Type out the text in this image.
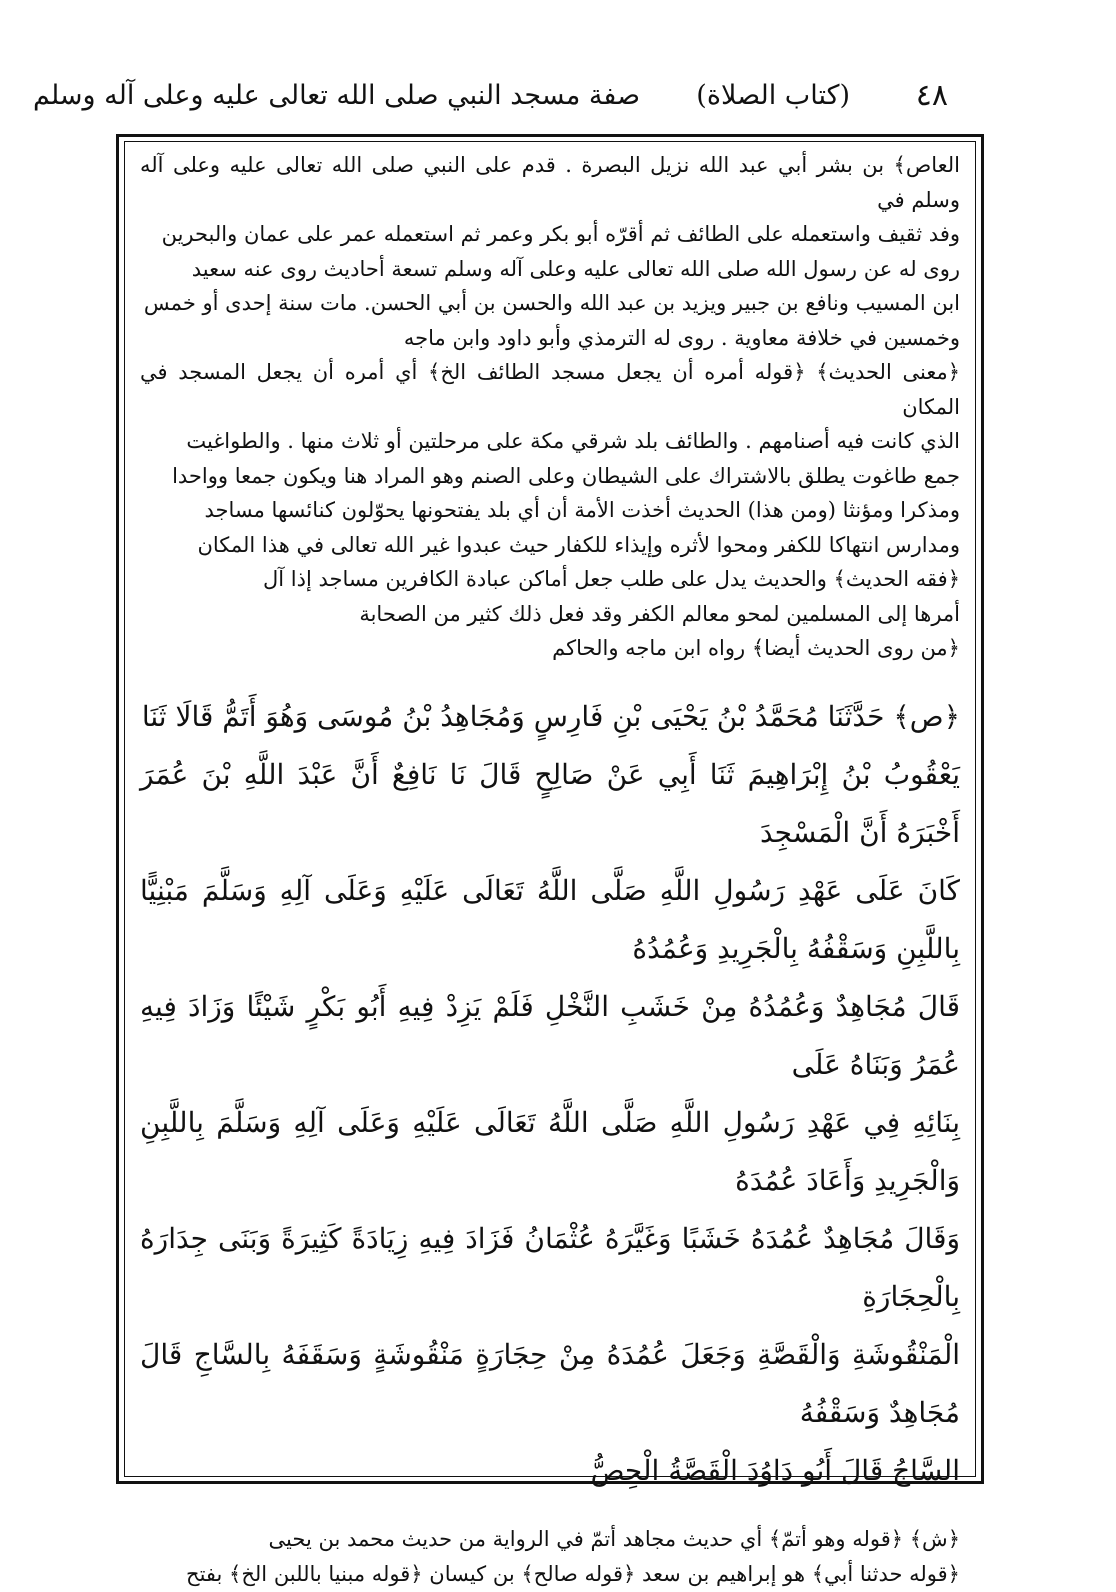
٤٨
(كتاب الصلاة)
صفة مسجد النبي صلى الله تعالى عليه وعلى آله وسلم

العاص﴾ بن بشر أبي عبد الله نزيل البصرة . قدم على النبي صلى الله تعالى عليه وعلى آله وسلم في
وفد ثقيف واستعمله على الطائف ثم أقرّه أبو بكر وعمر ثم استعمله عمر على عمان والبحرين
روى له عن رسول الله صلى الله تعالى عليه وعلى آله وسلم تسعة أحاديث روى عنه سعيد
ابن المسيب ونافع بن جبير ويزيد بن عبد الله والحسن بن أبي الحسن. مات سنة إحدى أو خمس
وخمسين في خلافة معاوية . روى له الترمذي وأبو داود وابن ماجه
﴿معنى الحديث﴾ ﴿قوله أمره أن يجعل مسجد الطائف الخ﴾ أي أمره أن يجعل المسجد في المكان
الذي كانت فيه أصنامهم . والطائف بلد شرقي مكة على مرحلتين أو ثلاث منها . والطواغيت
جمع طاغوت يطلق بالاشتراك على الشيطان وعلى الصنم وهو المراد هنا ويكون جمعا وواحدا
ومذكرا ومؤنثا (ومن هذا) الحديث أخذت الأمة أن أي بلد يفتحونها يحوّلون كنائسها مساجد
ومدارس انتهاكا للكفر ومحوا لأثره وإيذاء للكفار حيث عبدوا غير الله تعالى في هذا المكان
﴿فقه الحديث﴾ والحديث يدل على طلب جعل أماكن عبادة الكافرين مساجد إذا آل
أمرها إلى المسلمين لمحو معالم الكفر وقد فعل ذلك كثير من الصحابة
﴿من روى الحديث أيضا﴾ رواه ابن ماجه والحاكم

﴿ص﴾ حَدَّثَنَا مُحَمَّدُ بْنُ يَحْيَى بْنِ فَارِسٍ وَمُجَاهِدُ بْنُ مُوسَى وَهُوَ أَتَمُّ قَالَا ثَنَا
يَعْقُوبُ بْنُ إِبْرَاهِيمَ ثَنَا أَبِي عَنْ صَالِحٍ قَالَ نَا نَافِعٌ أَنَّ عَبْدَ اللَّهِ بْنَ عُمَرَ أَخْبَرَهُ أَنَّ الْمَسْجِدَ
كَانَ عَلَى عَهْدِ رَسُولِ اللَّهِ صَلَّى اللَّهُ تَعَالَى عَلَيْهِ وَعَلَى آلِهِ وَسَلَّمَ مَبْنِيًّا بِاللَّبِنِ وَسَقْفُهُ بِالْجَرِيدِ وَعُمُدُهُ
قَالَ مُجَاهِدٌ وَعُمُدُهُ مِنْ خَشَبِ النَّخْلِ فَلَمْ يَزِدْ فِيهِ أَبُو بَكْرٍ شَيْئًا وَزَادَ فِيهِ عُمَرُ وَبَنَاهُ عَلَى
بِنَائِهِ فِي عَهْدِ رَسُولِ اللَّهِ صَلَّى اللَّهُ تَعَالَى عَلَيْهِ وَعَلَى آلِهِ وَسَلَّمَ بِاللَّبِنِ وَالْجَرِيدِ وَأَعَادَ عُمُدَهُ
وَقَالَ مُجَاهِدٌ عُمُدَهُ خَشَبًا وَغَيَّرَهُ عُثْمَانُ فَزَادَ فِيهِ زِيَادَةً كَثِيرَةً وَبَنَى جِدَارَهُ بِالْحِجَارَةِ
الْمَنْقُوشَةِ وَالْقَصَّةِ وَجَعَلَ عُمُدَهُ مِنْ حِجَارَةٍ مَنْقُوشَةٍ وَسَقَفَهُ بِالسَّاجِ قَالَ مُجَاهِدٌ وَسَقْفُهُ
السَّاجُ قَالَ أَبُو دَاوُدَ الْقَصَّةُ الْجِصُّ

﴿ش﴾ ﴿قوله وهو أتمّ﴾ أي حديث مجاهد أتمّ في الرواية من حديث محمد بن يحيى
﴿قوله حدثنا أبي﴾ هو إبراهيم بن سعد ﴿قوله صالح﴾ بن كيسان ﴿قوله مبنيا باللبن الخ﴾ بفتح
